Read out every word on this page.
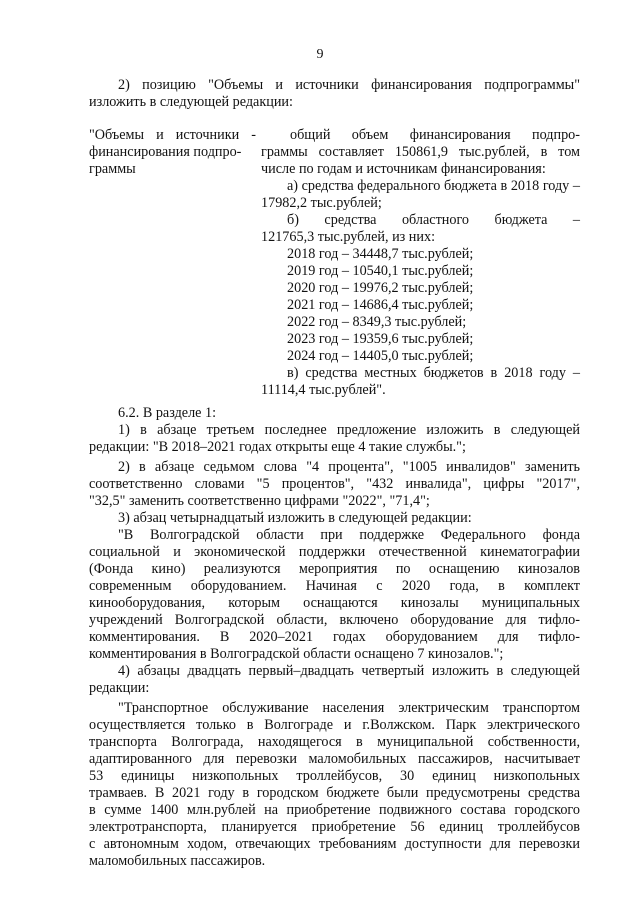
9
2) позицию "Объемы и источники финансирования подпрограммы"
изложить в следующей редакции:
"Объемы и источники -
финансирования подпро-
граммы
общий объем финансирования подпро-
граммы составляет 150861,9 тыс.рублей, в том
числе по годам и источникам финансирования:
а) средства федерального бюджета в 2018 году –
17982,2 тыс.рублей;
б) средства областного бюджета –
121765,3 тыс.рублей, из них:
2018 год – 34448,7 тыс.рублей;
2019 год – 10540,1 тыс.рублей;
2020 год – 19976,2 тыс.рублей;
2021 год – 14686,4 тыс.рублей;
2022 год – 8349,3 тыс.рублей;
2023 год – 19359,6 тыс.рублей;
2024 год – 14405,0 тыс.рублей;
в) средства местных бюджетов в 2018 году –
11114,4 тыс.рублей".
6.2. В разделе 1:
1) в абзаце третьем последнее предложение изложить в следующей
редакции: "В 2018–2021 годах открыты еще 4 такие службы.";
2) в абзаце седьмом слова "4 процента", "1005 инвалидов" заменить
соответственно словами "5 процентов", "432 инвалида", цифры "2017",
"32,5" заменить соответственно цифрами "2022", "71,4";
3) абзац четырнадцатый изложить в следующей редакции:
"В Волгоградской области при поддержке Федерального фонда
социальной и экономической поддержки отечественной кинематографии
(Фонда кино) реализуются мероприятия по оснащению кинозалов
современным оборудованием. Начиная с 2020 года, в комплект
кинооборудования, которым оснащаются кинозалы муниципальных
учреждений Волгоградской области, включено оборудование для тифло-
комментирования. В 2020–2021 годах оборудованием для тифло-
комментирования в Волгоградской области оснащено 7 кинозалов.";
4) абзацы двадцать первый–двадцать четвертый изложить в следующей
редакции:
"Транспортное обслуживание населения электрическим транспортом
осуществляется только в Волгограде и г.Волжском. Парк электрического
транспорта Волгограда, находящегося в муниципальной собственности,
адаптированного для перевозки маломобильных пассажиров, насчитывает
53 единицы низкопольных троллейбусов, 30 единиц низкопольных
трамваев. В 2021 году в городском бюджете были предусмотрены средства
в сумме 1400 млн.рублей на приобретение подвижного состава городского
электротранспорта, планируется приобретение 56 единиц троллейбусов
с автономным ходом, отвечающих требованиям доступности для перевозки
маломобильных пассажиров.
